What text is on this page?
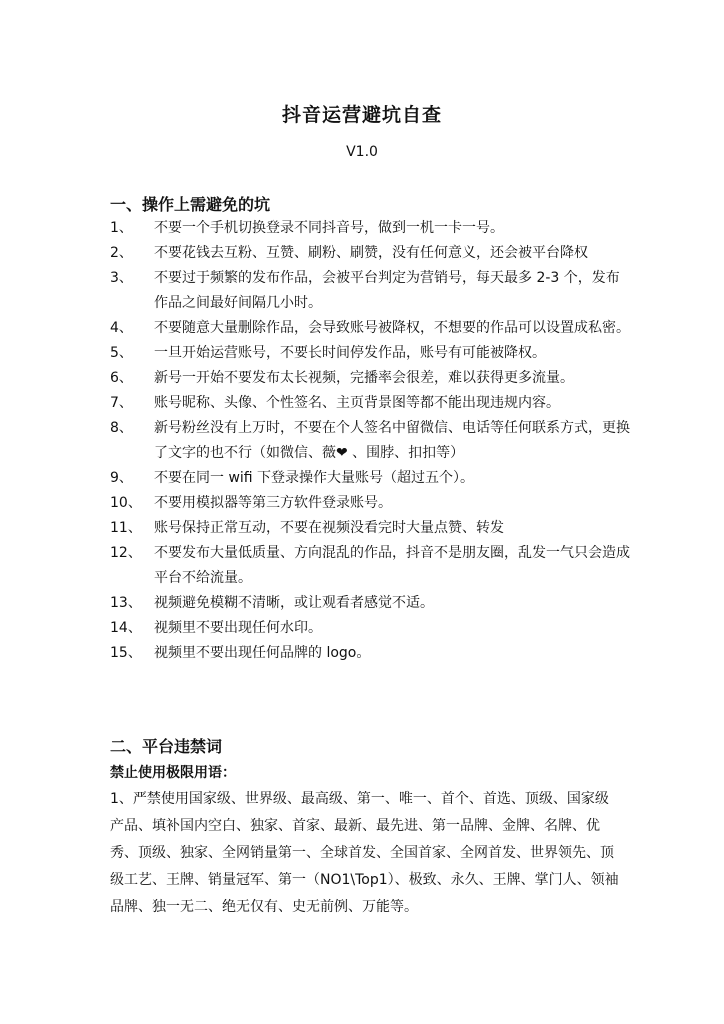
抖音运营避坑自查
V1.0
一、操作上需避免的坑
1、	不要一个手机切换登录不同抖音号，做到一机一卡一号。
2、	不要花钱去互粉、互赞、刷粉、刷赞，没有任何意义，还会被平台降权
3、	不要过于频繁的发布作品，会被平台判定为营销号，每天最多 2-3 个，发布作品之间最好间隔几小时。
4、	不要随意大量删除作品，会导致账号被降权，不想要的作品可以设置成私密。
5、	一旦开始运营账号，不要长时间停发作品，账号有可能被降权。
6、	新号一开始不要发布太长视频，完播率会很差，难以获得更多流量。
7、	账号昵称、头像、个性签名、主页背景图等都不能出现违规内容。
8、	新号粉丝没有上万时，不要在个人签名中留微信、电话等任何联系方式，更换了文字的也不行（如微信、薇❤ 、围脖、扣扣等）
9、	不要在同一 wifi 下登录操作大量账号（超过五个）。
10、 不要用模拟器等第三方软件登录账号。
11、 账号保持正常互动，不要在视频没看完时大量点赞、转发
12、 不要发布大量低质量、方向混乱的作品，抖音不是朋友圈，乱发一气只会造成平台不给流量。
13、 视频避免模糊不清晰，或让观看者感觉不适。
14、 视频里不要出现任何水印。
15、 视频里不要出现任何品牌的 logo。
二、平台违禁词
禁止使用极限用语：
1、严禁使用国家级、世界级、最高级、第一、唯一、首个、首选、顶级、国家级产品、填补国内空白、独家、首家、最新、最先进、第一品牌、金牌、名牌、优秀、顶级、独家、全网销量第一、全球首发、全国首家、全网首发、世界领先、顶级工艺、王牌、销量冠军、第一（NO1\Top1）、极致、永久、王牌、掌门人、领袖品牌、独一无二、绝无仅有、史无前例、万能等。
